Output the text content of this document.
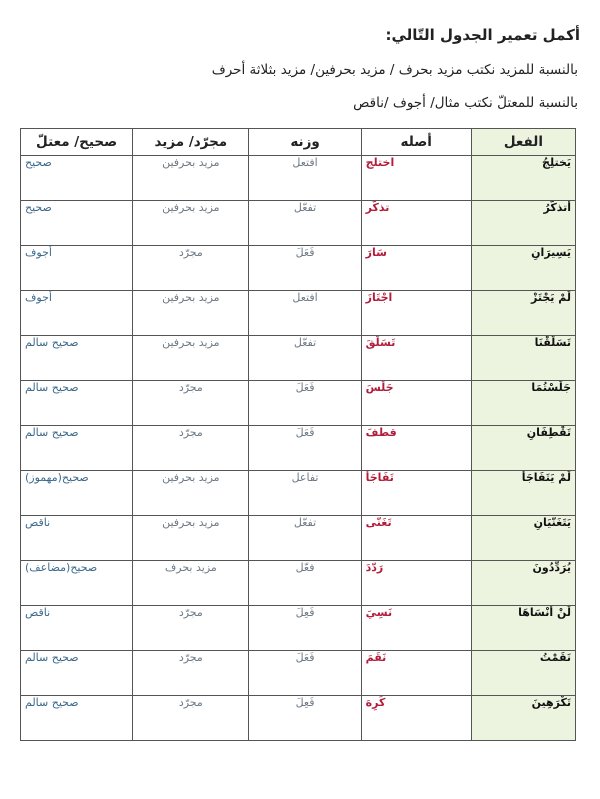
أكمل تعمير الجدول التّالي:
بالنسبة للمزيد نكتب مزيد بحرف / مزيد بحرفين/ مزيد بثلاثة أحرف
بالنسبة للمعتلّ نكتب مثال/ أجوف /ناقص
الفعل	أصله	وزنه	مجرّد/ مزيد	صحيح/ معتلّ
يَختلِجُ	اختلج	افتعل	مزيد بحرفين	صحيح
أتذكّرُ	تذكّر	تفعّل	مزيد بحرفين	صحيح
يَسِيرَانِ	سَارَ	فَعَلَ	مجرّد	أجوف
لَمْ يَجْتَزْ	اجْتَازَ	افتعل	مزيد بحرفين	أجوف
تَسَلّقْنَا	تَسَلّقَ	تفعّل	مزيد بحرفين	صحيح سالم
جَلَسْتُمَا	جَلَسَ	فَعَلَ	مجرّد	صحيح سالم
تَقْطِفَانِ	قطفَ	فَعَلَ	مجرّد	صحيح سالم
لَمْ يَتَفَاجَأْ	تَفَاجَأَ	تفاعل	مزيد بحرفين	صحيح(مهموز)
يَتَغَنّيَانِ	تَغَنّى	تفعّل	مزيد بحرفين	ناقص
يُرَدِّدُونَ	رَدّدَ	فعّل	مزيد بحرف	صحيح(مضاعف)
لَنْ أنْسَاهَا	نَسِيَ	فَعِلَ	مجرّد	ناقص
نَقَمْتُ	نَقَمَ	فَعَلَ	مجرّد	صحيح سالم
تَكْرَهِينَ	كَرِهَ	فَعِلَ	مجرّد	صحيح سالم
